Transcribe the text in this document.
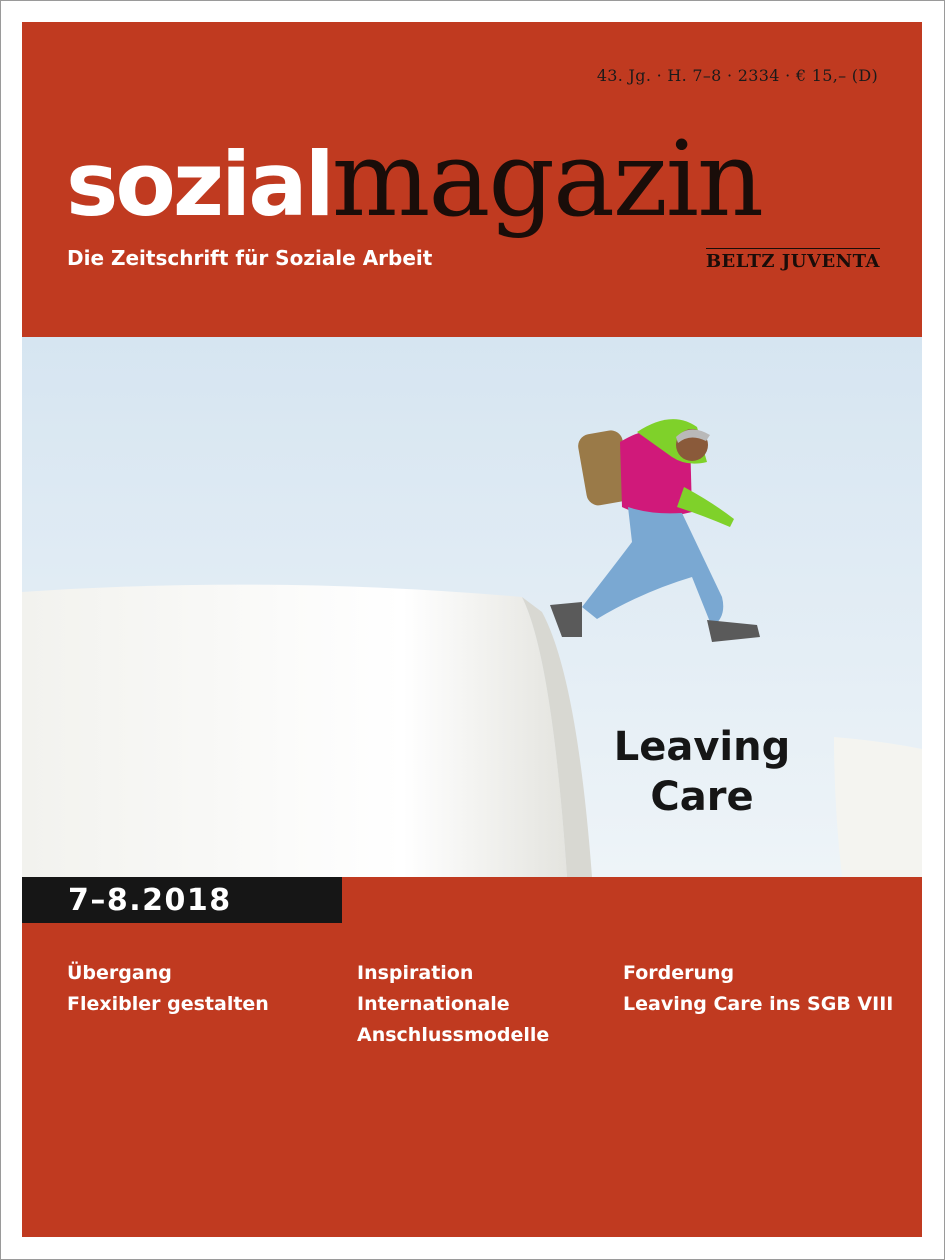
43. Jg. · H. 7–8 · 2334 · € 15,– (D)
sozialmagazin
Die Zeitschrift für Soziale Arbeit	BELTZ JUVENTA
Leaving
Care
7–8.2018
Übergang
Flexibler gestalten
Inspiration
Internationale
Anschlussmodelle
Forderung
Leaving Care ins SGB VIII
